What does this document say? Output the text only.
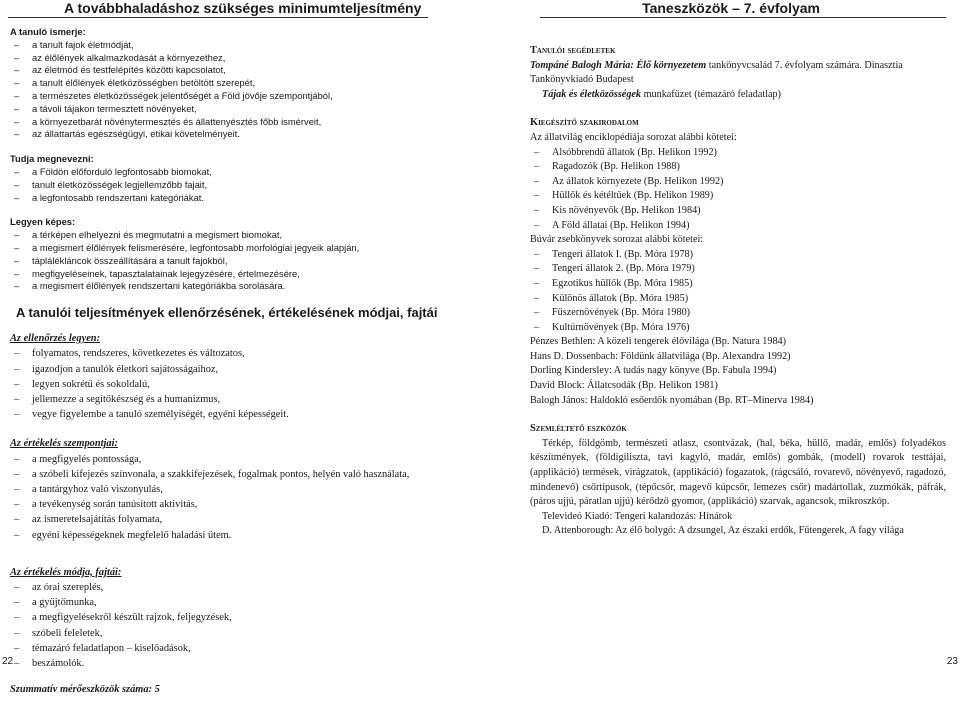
A továbbhaladáshoz szükséges minimumteljesítmény

A tanuló ismerje:

– a tanult fajok életmódját,
– az élőlények alkalmazkodását a környezethez,
– az életmód és testfelépítés közötti kapcsolatot,
– a tanult élőlények életközösségben betöltött szerepét,
– a természetes életközösségek jelentőségét a Föld jövője szempontjából,
– a távoli tájakon termesztett növényeket,
– a környezetbarát növénytermesztés és állattenyésztés főbb ismérveit,
– az állattartás egészségügyi, etikai követelményeit.

Tudja megnevezni:

– a Földön előforduló legfontosabb biomokat,
– tanult életközösségek legjellemzőbb fajait,
– a legfontosabb rendszertani kategóriákat.

Legyen képes:

– a térképen elhelyezni és megmutatni a megismert biomokat,
– a megismert élőlények felismerésére, legfontosabb morfológiai jegyeik alapján,
– táplálékláncok összeállítására a tanult fajokból,
– megfigyeléseinek, tapasztalatainak lejegyzésére, értelmezésére,
– a megismert élőlények rendszertani kategóriákba sorolására.
A tanulói teljesítmények ellenőrzésének, értékelésének módjai, fajtái

Az ellenőrzés legyen:

– folyamatos, rendszeres, következetes és változatos,
– igazodjon a tanulók életkori sajátosságaihoz,
– legyen sokrétű és sokoldalú,
– jellemezze a segítőkészség és a humanizmus,
– vegye figyelembe a tanuló személyiségét, egyéni képességeit.

Az értékelés szempontjai:

– a megfigyelés pontossága,
– a szóbeli kifejezés színvonala, a szakkifejezések, fogalmak pontos, helyén való használata,
– a tantárgyhoz való viszonyulás,
– a tevékenység során tanúsított aktivitás,
– az ismeretelsajátítás folyamata,
– egyéni képességeknek megfelelő haladási ütem.

Az értékelés módja, fajtái:

– az órai szereplés,
– a gyűjtőmunka,
– a megfigyelésekről készült rajzok, feljegyzések,
– szóbeli feleletek,
– témazáró feladatlapon – kiselőadások,
– beszámolók.

Szummatív mérőeszközök száma: 5

22
Taneszközök – 7. évfolyam

Tanulói segédletek

Tompáné Balogh Mária: Élő környezetem tankönyvcsalád 7. évfolyam számára. Dinasztia Tankönyvkiadó Budapest

Tájak és életközösségek munkafüzet (témazáró feladatlap)

Kiegészítő szakirodalom

Az állatvilág enciklopédiája sorozat alábbi kötetei:

– Alsóbbrendű állatok (Bp. Helikon 1992)
– Ragadozók (Bp. Helikon 1988)
– Az állatok környezete (Bp. Helikon 1992)
– Hüllők és kétéltűek (Bp. Helikon 1989)
– Kis növényevők (Bp. Helikon 1984)
– A Föld állatai (Bp. Helikon 1994)

Búvár zsebkönyvek sorozat alábbi kötetei:

– Tengeri állatok I. (Bp. Móra 1978)
– Tengeri állatok 2. (Bp. Móra 1979)
– Egzotikus hüllők (Bp. Móra 1985)
– Különös állatok (Bp. Móra 1985)
– Fűszernövények (Bp. Móra 1980)
– Kultúrnövények (Bp. Móra 1976)

Pénzes Bethlen: A közeli tengerek élővilága (Bp. Natura 1984)

Hans D. Dossenbach: Földünk állatvilága (Bp. Alexandra 1992)

Dorling Kindersley: A tudás nagy könyve (Bp. Fabula 1994)

David Block: Állatcsodák (Bp. Helikon 1981)

Balogh János: Haldokló esőerdők nyomában (Bp. RT–Minerva 1984)

Szemléltető eszközök

Térkép, földgömb, természeti atlasz, csontvázak, (hal, béka, hüllő, madár, emlős) folyadékos készítmények, (földigiliszta, tavi kagyló, madár, emlős) gombák, (modell) rovarok testtájai, (applikáció) termések, virágzatok, (applikáció) fogazatok, (rágcsáló, rovarevő, növényevő, ragadozó, mindenevő) csőrtípusok, (tépőcsőr, magevő kúpcsőr, lemezes csőr) madártollak, zuzmókák, páfrák, (páros ujjú, páratlan ujjú) kérődző gyomor, (applikáció) szarvak, agancsok, mikroszkóp.

Televideó Kiadó: Tengeri kalandozás: Hínárok

D. Attenborough: Az élő bolygó: A dzsungel, Az északi erdők, Fűtengerek, A fagy világa

23
